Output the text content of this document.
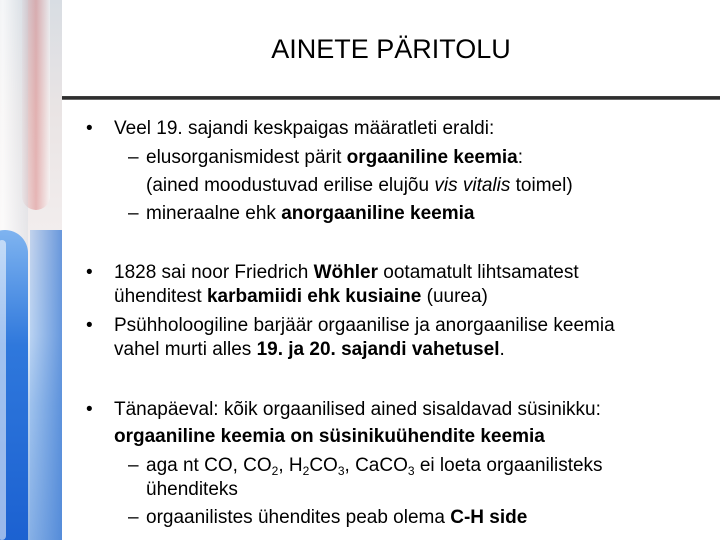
AINETE PÄRITOLU
• Veel 19. sajandi keskpaigas määratleti eraldi:
– elusorganismidest pärit orgaaniline keemia:
(ained moodustuvad erilise elujõu vis vitalis toimel)
– mineraalne ehk anorgaaniline keemia
• 1828 sai noor Friedrich Wöhler ootamatult lihtsamatest
ühenditest karbamiidi ehk kusiaine (uurea)
• Psühholoogiline barjäär orgaanilise ja anorgaanilise keemia
vahel murti alles 19. ja 20. sajandi vahetusel.
• Tänapäeval: kõik orgaanilised ained sisaldavad süsinikku:
orgaaniline keemia on süsinikuühendite keemia
– aga nt CO, $CO_2$, $H_2CO_3$, CaCO$_3$ ei loeta orgaanilisteks
ühenditeks
– orgaanilistes ühendites peab olema C-H side
